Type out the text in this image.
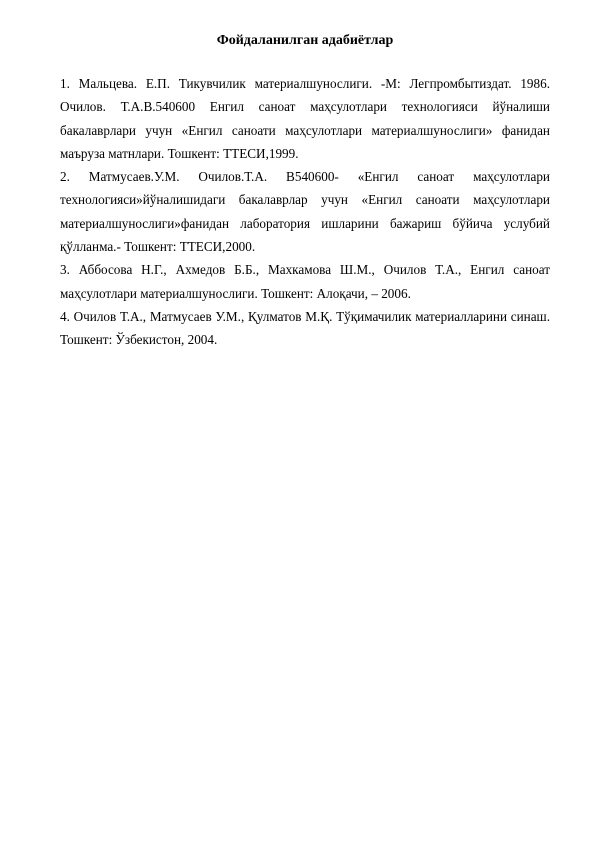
Фойдаланилган адабиётлар
1. Мальцева. Е.П. Тикувчилик материалшунослиги. -М: Легпромбытиздат. 1986. Очилов. Т.А.В.540600 Енгил саноат маҳсулотлари технологияси йўналиши бакалаврлари учун «Енгил саноати маҳсулотлари материалшунослиги» фанидан маъруза матнлари. Тошкент: ТТЕСИ,1999.
2. Матмусаев.У.М. Очилов.Т.А. В540600- «Енгил саноат маҳсулотлари технологияси»йўналишидаги бакалаврлар учун «Енгил саноати маҳсулотлари материалшунослиги»фанидан лаборатория ишларини бажариш бўйича услубий қўлланма.- Тошкент: ТТЕСИ,2000.
3. Аббосова Н.Г., Ахмедов Б.Б., Махкамова Ш.М., Очилов Т.А., Енгил саноат маҳсулотлари материалшунослиги. Тошкент: Алоқачи, – 2006.
4. Очилов Т.А., Матмусаев У.М., Қулматов М.Қ. Тўқимачилик материалларини синаш. Тошкент: Ўзбекистон, 2004.
